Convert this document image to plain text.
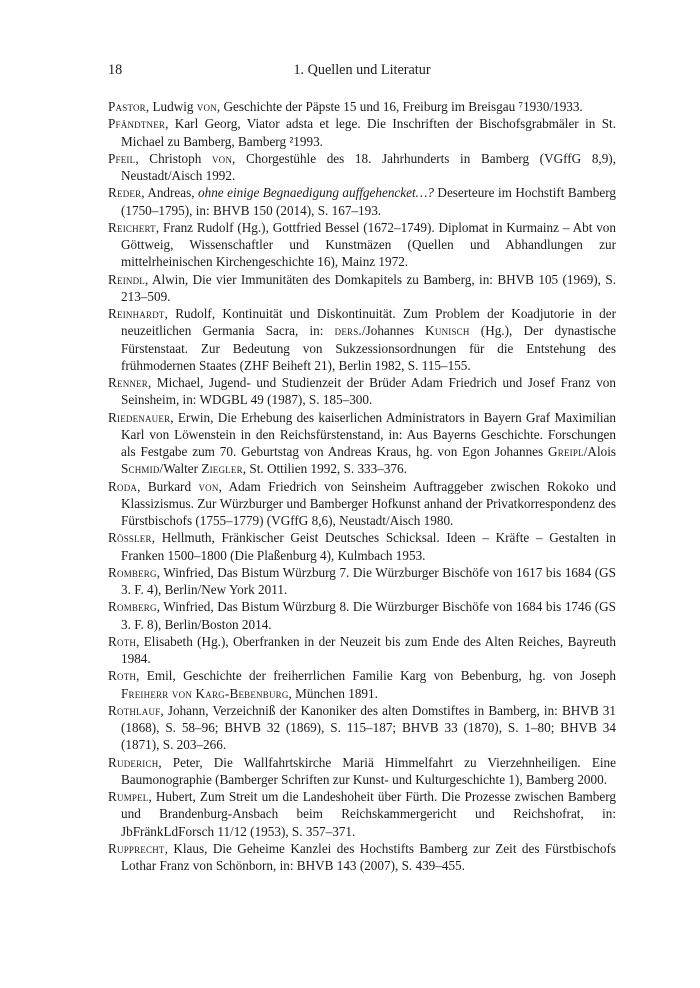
18	1. Quellen und Literatur

Pastor, Ludwig von, Geschichte der Päpste 15 und 16, Freiburg im Breisgau ⁷1930/1933.

Pfändtner, Karl Georg, Viator adsta et lege. Die Inschriften der Bischofsgrabmäler in St. Michael zu Bamberg, Bamberg ²1993.

Pfeil, Christoph von, Chorgestühle des 18. Jahrhunderts in Bamberg (VGffG 8,9), Neustadt/Aisch 1992.

Reder, Andreas, ohne einige Begnaedigung auffgehencket…? Deserteure im Hochstift Bamberg (1750–1795), in: BHVB 150 (2014), S. 167–193.

Reichert, Franz Rudolf (Hg.), Gottfried Bessel (1672–1749). Diplomat in Kurmainz – Abt von Göttweig, Wissenschaftler und Kunstmäzen (Quellen und Abhandlungen zur mittelrheinischen Kirchengeschichte 16), Mainz 1972.

Reindl, Alwin, Die vier Immunitäten des Domkapitels zu Bamberg, in: BHVB 105 (1969), S. 213–509.

Reinhardt, Rudolf, Kontinuität und Diskontinuität. Zum Problem der Koadjutorie in der neuzeitlichen Germania Sacra, in: ders./Johannes Kunisch (Hg.), Der dynastische Fürstenstaat. Zur Bedeutung von Sukzessionsordnungen für die Entstehung des frühmodernen Staates (ZHF Beiheft 21), Berlin 1982, S. 115–155.

Renner, Michael, Jugend- und Studienzeit der Brüder Adam Friedrich und Josef Franz von Seinsheim, in: WDGBL 49 (1987), S. 185–300.

Riedenauer, Erwin, Die Erhebung des kaiserlichen Administrators in Bayern Graf Maximilian Karl von Löwenstein in den Reichsfürstenstand, in: Aus Bayerns Geschichte. Forschungen als Festgabe zum 70. Geburtstag von Andreas Kraus, hg. von Egon Johannes Greipl/Alois Schmid/Walter Ziegler, St. Ottilien 1992, S. 333–376.

Roda, Burkard von, Adam Friedrich von Seinsheim Auftraggeber zwischen Rokoko und Klassizismus. Zur Würzburger und Bamberger Hofkunst anhand der Privatkorrespondenz des Fürstbischofs (1755–1779) (VGffG 8,6), Neustadt/Aisch 1980.

Rössler, Hellmuth, Fränkischer Geist Deutsches Schicksal. Ideen – Kräfte – Gestalten in Franken 1500–1800 (Die Plaßenburg 4), Kulmbach 1953.

Romberg, Winfried, Das Bistum Würzburg 7. Die Würzburger Bischöfe von 1617 bis 1684 (GS 3. F. 4), Berlin/New York 2011.

Romberg, Winfried, Das Bistum Würzburg 8. Die Würzburger Bischöfe von 1684 bis 1746 (GS 3. F. 8), Berlin/Boston 2014.

Roth, Elisabeth (Hg.), Oberfranken in der Neuzeit bis zum Ende des Alten Reiches, Bayreuth 1984.

Roth, Emil, Geschichte der freiherrlichen Familie Karg von Bebenburg, hg. von Joseph Freiherr von Karg-Bebenburg, München 1891.

Rothlauf, Johann, Verzeichniß der Kanoniker des alten Domstiftes in Bamberg, in: BHVB 31 (1868), S. 58–96; BHVB 32 (1869), S. 115–187; BHVB 33 (1870), S. 1–80; BHVB 34 (1871), S. 203–266.

Ruderich, Peter, Die Wallfahrtskirche Mariä Himmelfahrt zu Vierzehnheiligen. Eine Baumonographie (Bamberger Schriften zur Kunst- und Kulturgeschichte 1), Bamberg 2000.

Rumpel, Hubert, Zum Streit um die Landeshoheit über Fürth. Die Prozesse zwischen Bamberg und Brandenburg-Ansbach beim Reichskammergericht und Reichshofrat, in: JbFränkLdForsch 11/12 (1953), S. 357–371.

Rupprecht, Klaus, Die Geheime Kanzlei des Hochstifts Bamberg zur Zeit des Fürstbischofs Lothar Franz von Schönborn, in: BHVB 143 (2007), S. 439–455.
